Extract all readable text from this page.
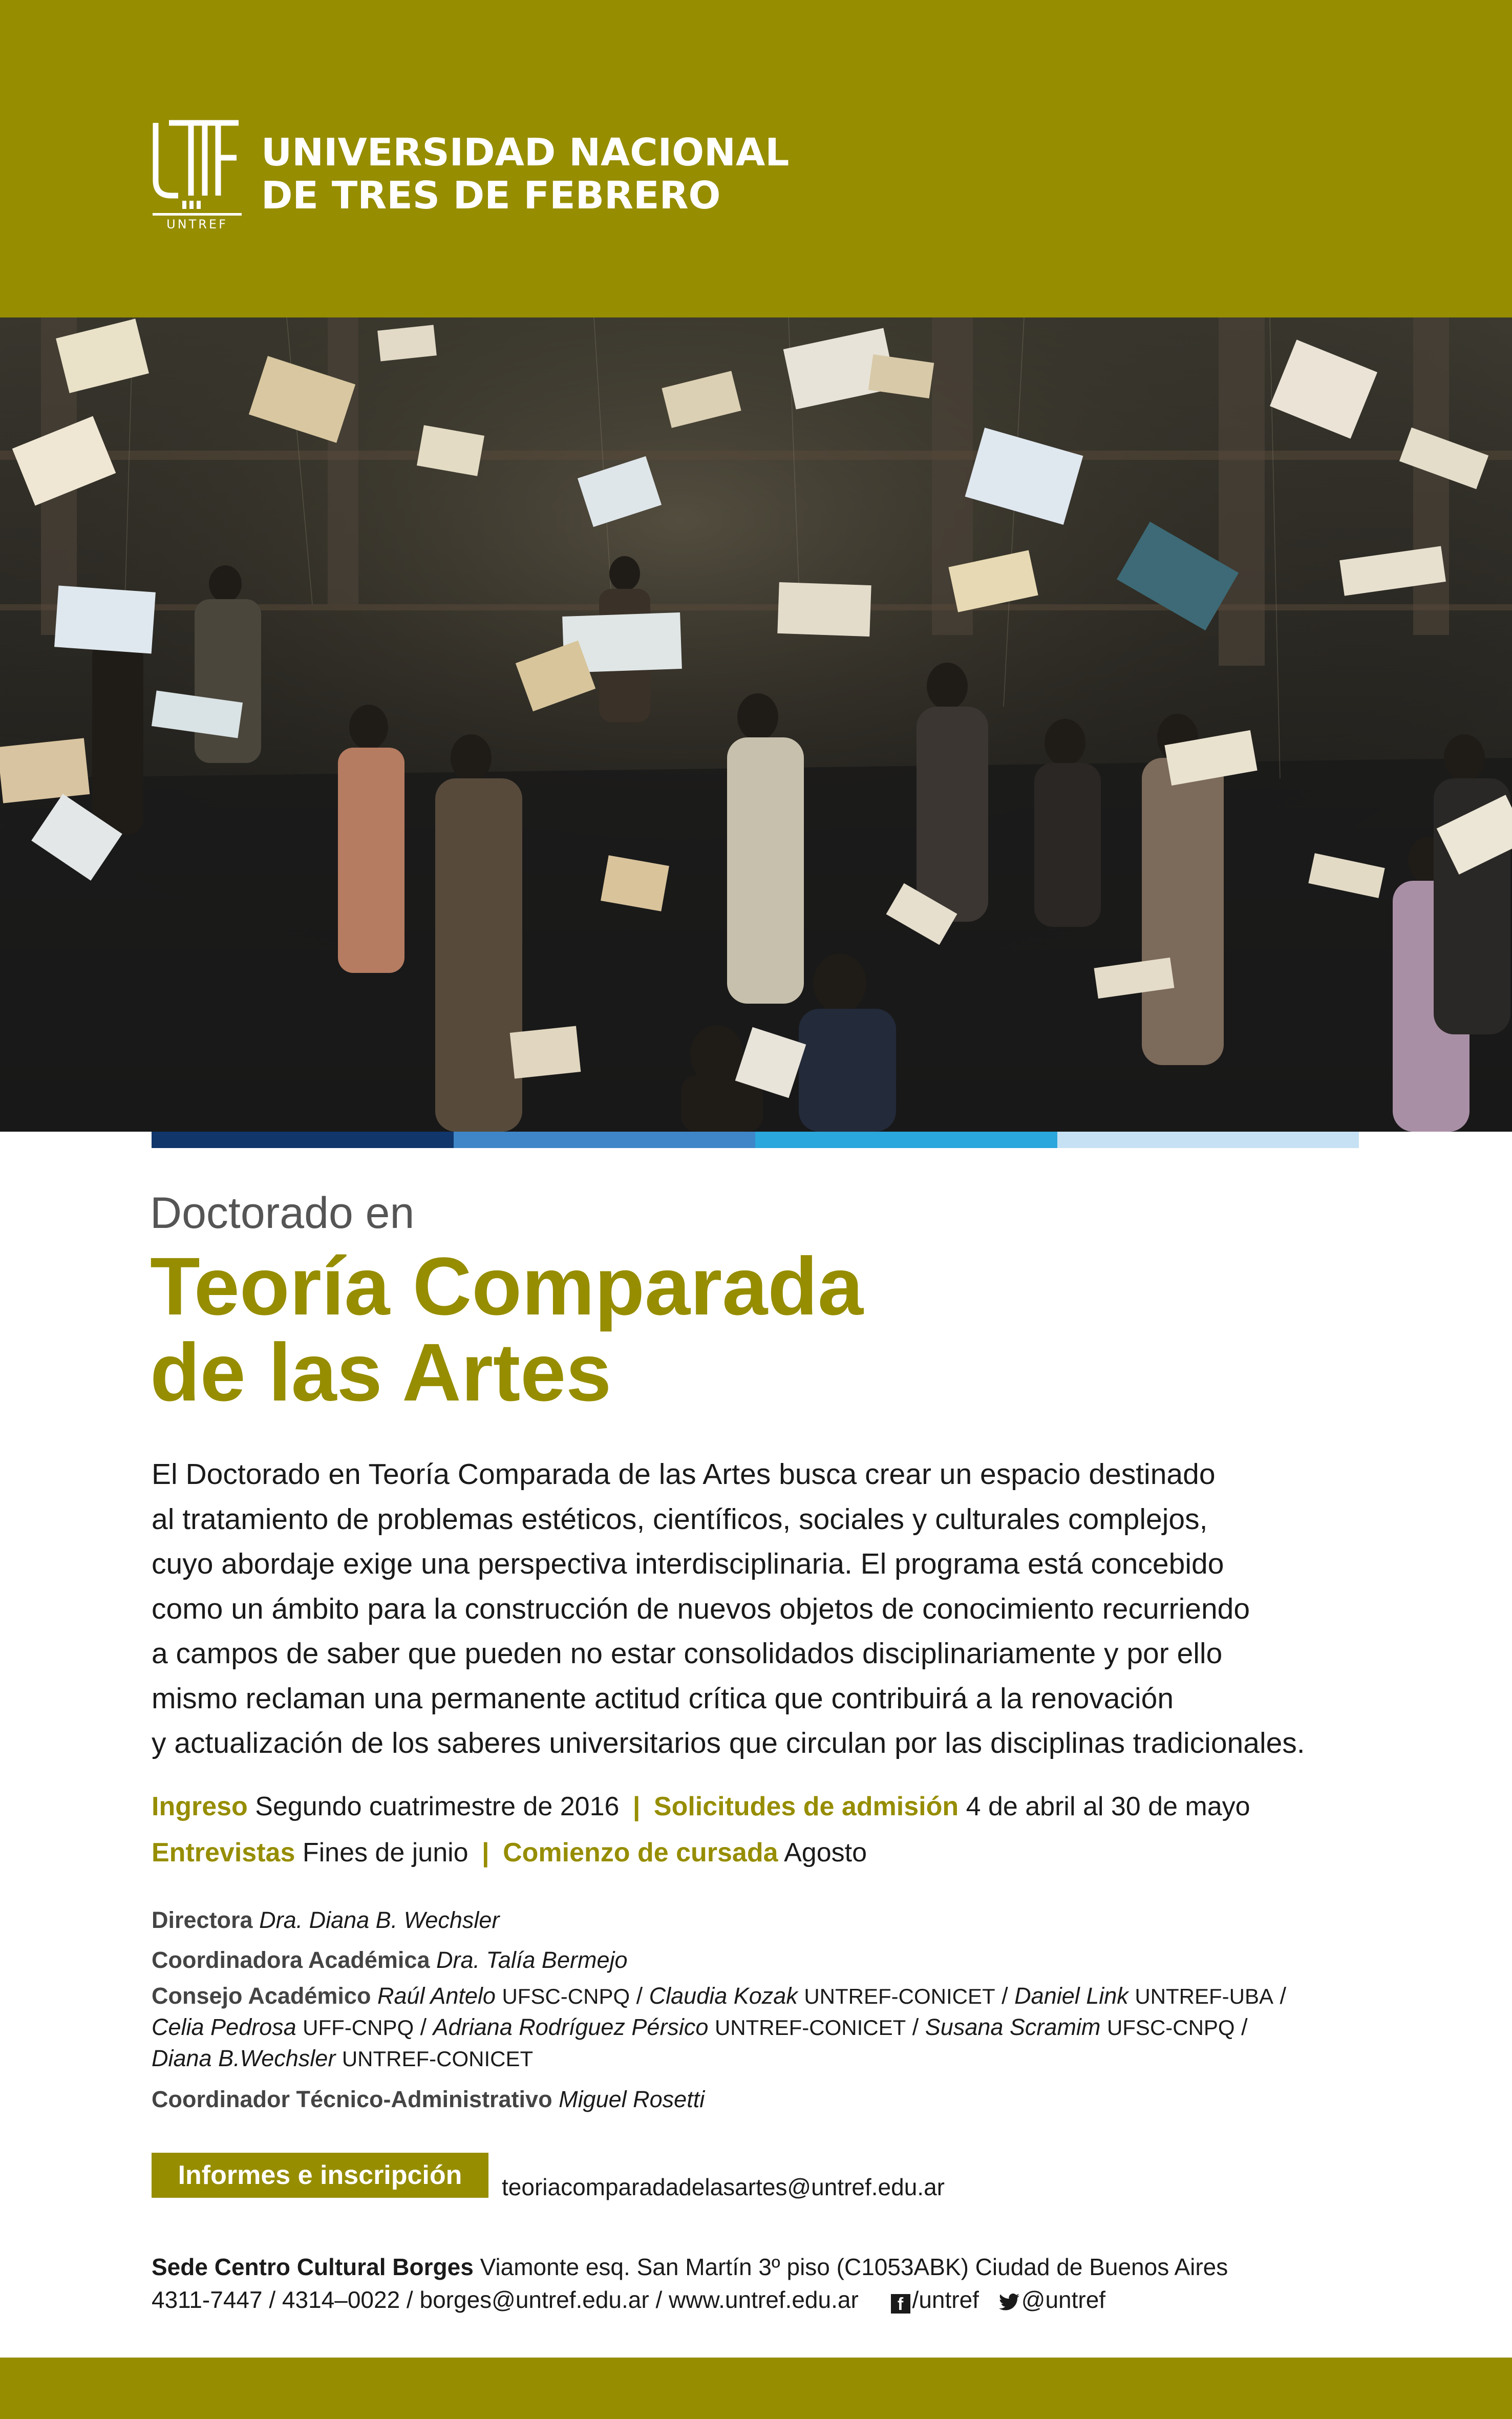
UNTREF
UNIVERSIDAD NACIONAL
DE TRES DE FEBRERO
Doctorado en
Teoría Comparada
de las Artes
El Doctorado en Teoría Comparada de las Artes busca crear un espacio destinado
al tratamiento de problemas estéticos, científicos, sociales y culturales complejos,
cuyo abordaje exige una perspectiva interdisciplinaria. El programa está concebido
como un ámbito para la construcción de nuevos objetos de conocimiento recurriendo
a campos de saber que pueden no estar consolidados disciplinariamente y por ello
mismo reclaman una permanente actitud crítica que contribuirá a la renovación
y actualización de los saberes universitarios que circulan por las disciplinas tradicionales.
Ingreso Segundo cuatrimestre de 2016 | Solicitudes de admisión 4 de abril al 30 de mayo
Entrevistas Fines de junio | Comienzo de cursada Agosto
Directora Dra. Diana B. Wechsler
Coordinadora Académica Dra. Talía Bermejo
Consejo Académico Raúl Antelo UFSC-CNPQ / Claudia Kozak UNTREF-CONICET / Daniel Link UNTREF-UBA /
Celia Pedrosa UFF-CNPQ / Adriana Rodríguez Pérsico UNTREF-CONICET / Susana Scramim UFSC-CNPQ /
Diana B.Wechsler UNTREF-CONICET
Coordinador Técnico-Administrativo Miguel Rosetti
Informes e inscripción	teoriacomparadadelasartes@untref.edu.ar
Sede Centro Cultural Borges Viamonte esq. San Martín 3º piso (C1053ABK) Ciudad de Buenos Aires
4311-7447 / 4314–0022 / borges@untref.edu.ar / www.untref.edu.ar f /untref @untref
